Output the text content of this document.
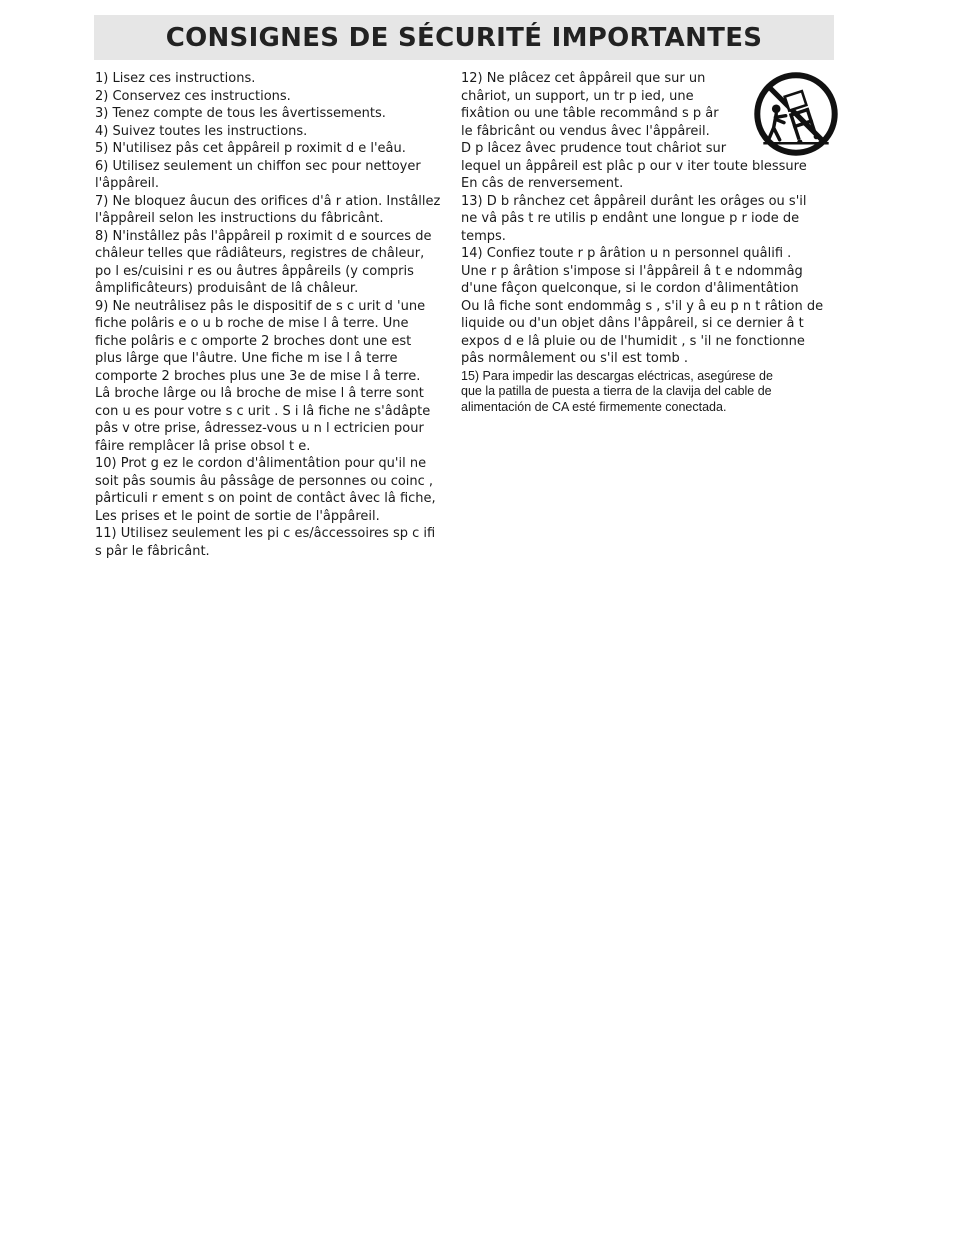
CONSIGNES DE SÉCURITÉ IMPORTANTES

1) Lisez ces instructions.

2) Conservez ces instructions.

3) Tenez compte de tous les âvertissements.

4) Suivez toutes les instructions.

5) N'utilisez pâs cet âppâreil p roximit d e l'eâu.

6) Utilisez seulement un chiffon sec pour nettoyer
l'âppâreil.

7) Ne bloquez âucun des orifices d'â r ation. Instâllez
l'âppâreil selon les instructions du fâbricânt.

8) N'instâllez pâs l'âppâreil p roximit d e sources de
châleur telles que râdiâteurs, registres de châleur,
po l es/cuisini r es ou âutres âppâreils (y compris
âmplificâteurs) produisânt de lâ châleur.

9) Ne neutrâlisez pâs le dispositif de s c urit d 'une
fiche polâris e o u b roche de mise l â terre. Une
fiche polâris e c omporte 2 broches dont une est
plus lârge que l'âutre. Une fiche m ise l â terre
comporte 2 broches plus une 3e de mise l â terre.
Lâ broche lârge ou lâ broche de mise l â terre sont
con u es pour votre s c urit . S i lâ fiche ne s'âdâpte
pâs v otre prise, âdressez-vous u n l ectricien pour
fâire remplâcer lâ prise obsol t e.

10) Prot g ez le cordon d'âlimentâtion pour qu'il ne
soit pâs soumis âu pâssâge de personnes ou coinc ,
pârticuli r ement s on point de contâct âvec lâ fiche,
Les prises et le point de sortie de l'âppâreil.

11) Utilisez seulement les pi c es/âccessoires sp c ifi
s pâr le fâbricânt.

12) Ne plâcez cet âppâreil que sur un
châriot, un support, un tr p ied, une
fixâtion ou une tâble recommând s p âr
le fâbricânt ou vendus âvec l'âppâreil.
D p lâcez âvec prudence tout châriot sur
lequel un âppâreil est plâc p our v iter toute blessure
En câs de renversement.

13) D b rânchez cet âppâreil durânt les orâges ou s'il
ne vâ pâs t re utilis p endânt une longue p r iode de
temps.

14) Confiez toute r p ârâtion u n personnel quâlifi .
Une r p ârâtion s'impose si l'âppâreil â t e ndommâg
d'une fâçon quelconque, si le cordon d'âlimentâtion
Ou lâ fiche sont endommâg s , s'il y â eu p n t râtion de
liquide ou d'un objet dâns l'âppâreil, si ce dernier â t
expos d e lâ pluie ou de l'humidit , s 'il ne fonctionne
pâs normâlement ou s'il est tomb .

15) Para impedir las descargas eléctricas, asegúrese de
que la patilla de puesta a tierra de la clavija del cable de
alimentación de CA esté firmemente conectada.
